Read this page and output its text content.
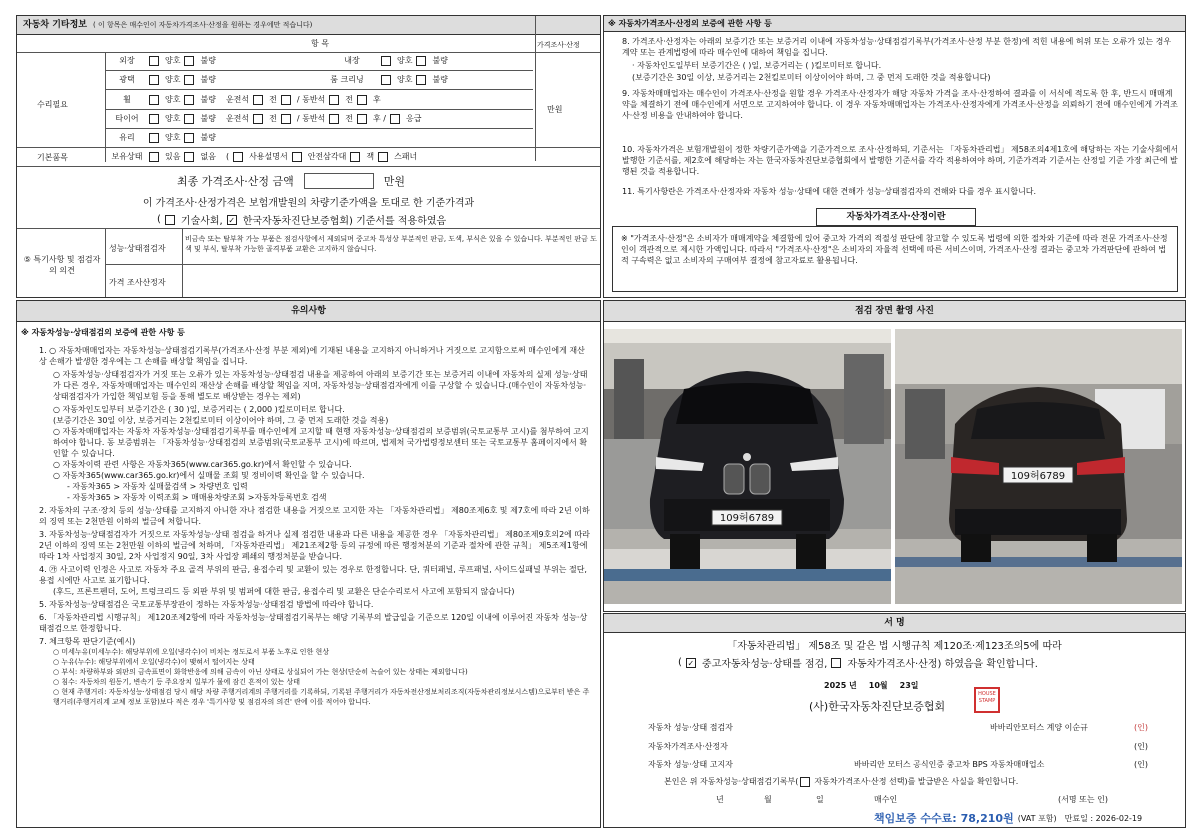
자동차 기타정보 ( 이 항목은 매수인이 자동차가격조사·산정을 원하는 경우에만 적습니다)
항 목	가격조사·산정
수리필요
만원
외장	양호	불량	내장	양호	불량
광택	양호	불량	룸 크리닝	양호	불량
휠	양호	불량 운전석	전	/ 동반석	전	후
타이어	양호	불량 운전석	전	/ 동반석	전	후 /	응급
유리	양호	불량
기본품목	보유상태	있음	없음 (	사용설명서	안전삼각대	잭	스패너
최종 가격조사·산정 금액	만원
이 가격조사·산정가격은 보험개발원의 차량기준가액을 토대로 한 기준가격과
( 기술사회, ✓ 한국자동차진단보증협회) 기준서를 적용하였음
⑤ 특기사항 및 점검자의 의견
성능·상태점검자
비금속 또는 탈부착 가능 부품은 점검사항에서 제외되며 중고차 특성상 부분적인 판금, 도색, 부식은 있을 수 있습니다. 부분적인 판금 도색 및 부식, 탈부착 가능한 골격부품 교환은 고지하지 않습니다.
가격 조사산정자
※ 자동차가격조사·산정의 보증에 관한 사항 등
8. 가격조사·산정자는 아래의 보증기간 또는 보증거리 이내에 자동차성능·상태점검기록부(가격조사·산정 부분 한정)에 적힌 내용에 허위 또는 오류가 있는 경우 계약 또는 관계법령에 따라 매수인에 대하여 책임을 집니다.
· 자동차인도일부터 보증기간은 ( )일, 보증거리는 ( )킬로미터로 합니다.
(보증기간은 30일 이상, 보증거리는 2천킬로미터 이상이어야 하며, 그 중 먼저 도래한 것을 적용합니다)
9. 자동차매매업자는 매수인이 가격조사·산정을 원할 경우 가격조사·산정자가 해당 자동차 가격을 조사·산정하여 결과를 이 서식에 적도록 한 후, 반드시 매매계약을 체결하기 전에 매수인에게 서면으로 고지하여야 합니다. 이 경우 자동차매매업자는 가격조사·산정자에게 가격조사·산정을 의뢰하기 전에 매수인에게 가격조사·산정 비용을 안내하여야 합니다.
10. 자동차가격은 보험개발원이 정한 차량기준가액을 기준가격으로 조사·산정하되, 기준서는 「자동차관리법」 제58조의4제1호에 해당하는 자는 기술사회에서 발행한 기준서를, 제2호에 해당하는 자는 한국자동차진단보증협회에서 발행한 기준서를 각각 적용하여야 하며, 기준가격과 기준서는 산정일 기준 가장 최근에 발행된 것을 적용합니다.
11. 특기사항란은 가격조사·산정자와 자동차 성능·상태에 대한 견해가 성능·상태점검자의 견해와 다를 경우 표시합니다.
자동차가격조사·산정이란
※ "가격조사·산정"은 소비자가 매매계약을 체결함에 있어 중고차 가격의 적절성 판단에 참고할 수 있도록 법령에 의한 절차와 기준에 따라 전문 가격조사·산정인이 객관적으로 제시한 가액입니다. 따라서 "가격조사·산정"은 소비자의 자율적 선택에 따른 서비스이며, 가격조사·산정 결과는 중고차 가격판단에 관하여 법적 구속력은 없고 소비자의 구매여부 결정에 참고자료로 활용됩니다.
유의사항
※ 자동차성능·상태점검의 보증에 관한 사항 등
1. ○ 자동차매매업자는 자동차성능·상태점검기록부(가격조사·산정 부분 제외)에 기재된 내용을 고지하지 아니하거나 거짓으로 고지함으로써 매수인에게 재산상 손해가 발생한 경우에는 그 손해를 배상할 책임을 집니다.
○ 자동차성능·상태점검자가 거짓 또는 오류가 있는 자동차성능·상태점검 내용을 제공하여 아래의 보증기간 또는 보증거리 이내에 자동차의 실제 성능·상태가 다른 경우, 자동차매매업자는 매수인의 재산상 손해를 배상할 책임을 지며, 자동차성능·상태점검자에게 이를 구상할 수 있습니다.(매수인이 자동차성능·상태점검자가 가입한 책임보험 등을 통해 별도로 배상받는 경우는 제외)
○ 자동차인도일부터 보증기간은 ( 30 )일, 보증거리는 ( 2,000 )킬로미터로 합니다.
(보증기간은 30일 이상, 보증거리는 2천킬로미터 이상이어야 하며, 그 중 먼저 도래한 것을 적용)
○ 자동차매매업자는 자동차 자동차성능·상태점검기록부를 매수인에게 고지할 때 현행 자동차성능·상태점검의 보증범위(국토교통부 고시)를 첨부하여 고지하여야 합니다. 동 보증범위는 「자동차성능·상태점검의 보증범위(국토교통부 고시)에 따르며, 법제처 국가법령정보센터 또는 국토교통부 홈페이지에서 확인할 수 있습니다.
○ 자동차이력 관련 사항은 자동차365(www.car365.go.kr)에서 확인할 수 있습니다.
○ 자동차365(www.car365.go.kr)에서 실매물 조회 및 정비이력 확인을 할 수 있습니다.
- 자동차365 > 자동차 실매물검색 > 차량번호 입력
- 자동차365 > 자동차 이력조회 > 매매용차량조회 >자동차등록번호 검색
2. 자동차의 구조·장치 등의 성능·상태를 고지하지 아니한 자나 점검한 내용을 거짓으로 고지한 자는 「자동차관리법」 제80조제6호 및 제7호에 따라 2년 이하의 징역 또는 2천만원 이하의 벌금에 처합니다.
3. 자동차성능·상태점검자가 거짓으로 자동차성능·상태 점검을 하거나 실제 점검한 내용과 다른 내용을 제공한 경우 「자동차관리법」 제80조제9호의2에 따라 2년 이하의 징역 또는 2천만원 이하의 벌금에 처하며, 「자동차관리법」 제21조제2항 등의 규정에 따른 행정처분의 기준과 절차에 관한 규칙」 제5조제1항에 따라 1차 사업정지 30일, 2차 사업정지 90일, 3차 사업장 폐쇄의 행정처분을 받습니다.
4. ㉮ 사고이력 인정은 사고로 자동차 주요 골격 부위의 판금, 용접수리 및 교환이 있는 경우로 한정합니다. 단, 쿼터패널, 루프패널, 사이드실패널 부위는 절단, 용접 시에만 사고로 표기합니다.
(후드, 프론트펜더, 도어, 트렁크리드 등 외판 부위 및 범퍼에 대한 판금, 용접수리 및 교환은 단순수리로서 사고에 포함되지 않습니다)
5. 자동차성능·상태점검은 국토교통부장관이 정하는 자동차성능·상태점검 방법에 따라야 합니다.
6. 「자동차관리법 시행규칙」 제120조제2항에 따라 자동차성능·상태점검기록부는 해당 기록부의 발급일을 기준으로 120일 이내에 이루어진 자동차 성능·상태점검으로 한정합니다.
7. 체크항목 판단기준(예시)
○ 미세누유(미세누수): 해당부위에 오일(냉각수)이 비치는 정도로서 부품 노후로 인한 현상
○ 누유(누수): 해당부위에서 오일(냉각수)이 맺혀서 떨어지는 상태
○ 부식: 차량하부와 외판의 금속표면이 화학반응에 의해 금속이 아닌 상태로 상실되어 가는 현상(단순히 녹슬어 있는 상태는 제외합니다)
○ 침수: 자동차의 원동기, 변속기 등 주요장치 일부가 물에 잠긴 흔적이 있는 상태
○ 현재 주행거리: 자동차성능·상태점검 당시 해당 차량 주행거리계의 주행거리를 기록하되, 기록된 주행거리가 자동차전산정보처리조직(자동차관리정보시스템)으로부터 받은 주행거리(주행거리계 교체 정보 포함)보다 적은 경우 '특기사항 및 점검자의 의견' 란에 이를 적어야 합니다.
점검 장면 촬영 사진
109허6789
109허6789
서 명
「자동차관리법」 제58조 및 같은 법 시행규칙 제120조·제123조의5에 따라
( ✓ 중고자동차성능·상태를 점검, 자동차가격조사·산정) 하였음을 확인합니다.
2025 년 10월 23일
(사)한국자동차진단보증협회
HOUSE STAMP
자동차 성능·상태 점검자	바바리안모터스 계양 이순규	(인)
자동차가격조사·산정자	(인)
자동차 성능·상태 고지자	바바리안 모터스 공식인증 중고차 BPS 자동차매매업소	(인)
본인은 위 자동차성능·상태점검기록부( 자동차가격조사·산정 선택)를 발급받은 사실을 확인합니다.
년	월	일	매수인	(서명 또는 인)
책임보증 수수료: 78,210원 (VAT 포함) 만료일 : 2026-02-19
